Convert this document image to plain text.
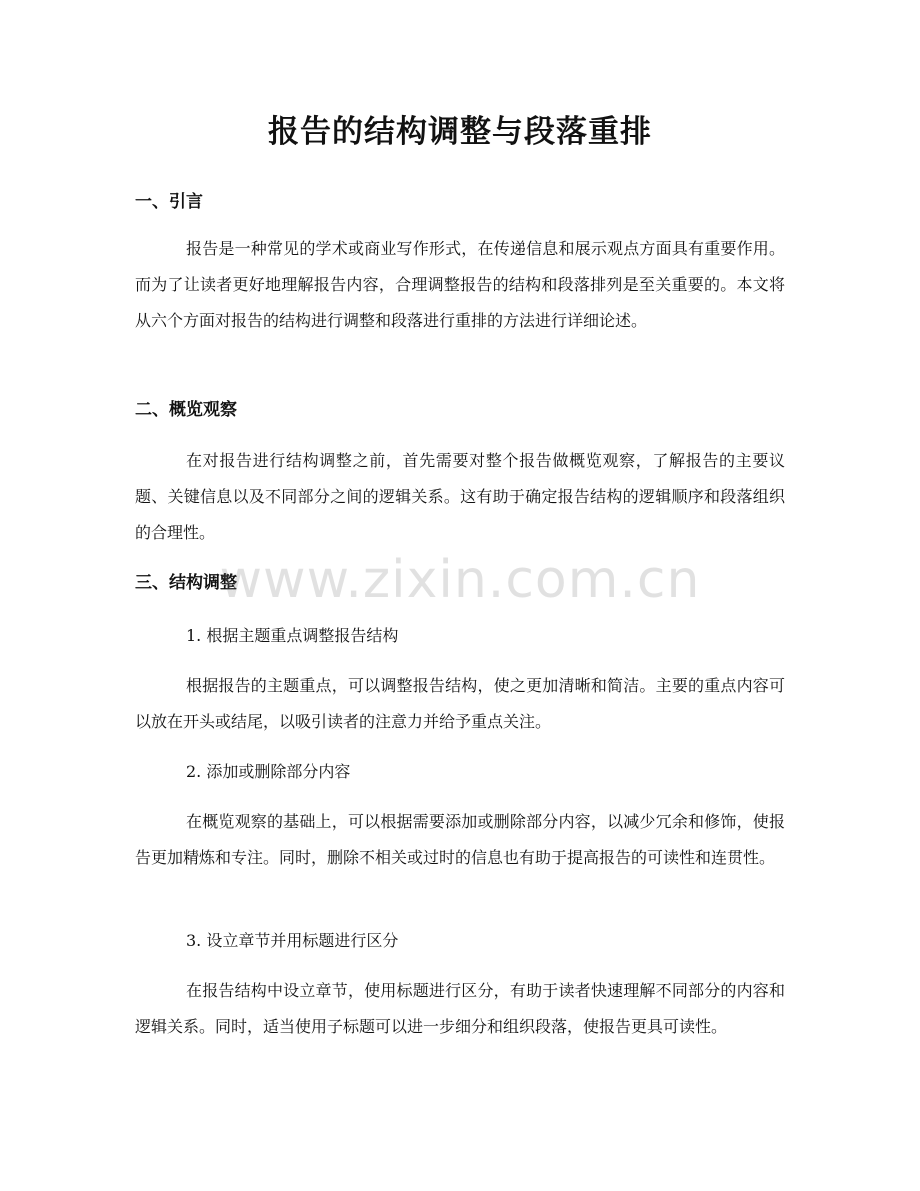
报告的结构调整与段落重排
一、引言

报告是一种常见的学术或商业写作形式，在传递信息和展示观点方面具有重要作用。而为了让读者更好地理解报告内容，合理调整报告的结构和段落排列是至关重要的。本文将从六个方面对报告的结构进行调整和段落进行重排的方法进行详细论述。

二、概览观察

在对报告进行结构调整之前，首先需要对整个报告做概览观察，了解报告的主要议题、关键信息以及不同部分之间的逻辑关系。这有助于确定报告结构的逻辑顺序和段落组织的合理性。

三、结构调整

1. 根据主题重点调整报告结构

根据报告的主题重点，可以调整报告结构，使之更加清晰和简洁。主要的重点内容可以放在开头或结尾，以吸引读者的注意力并给予重点关注。

2. 添加或删除部分内容

在概览观察的基础上，可以根据需要添加或删除部分内容，以减少冗余和修饰，使报告更加精炼和专注。同时，删除不相关或过时的信息也有助于提高报告的可读性和连贯性。

3. 设立章节并用标题进行区分

在报告结构中设立章节，使用标题进行区分，有助于读者快速理解不同部分的内容和逻辑关系。同时，适当使用子标题可以进一步细分和组织段落，使报告更具可读性。

www.zixin.com.cn
